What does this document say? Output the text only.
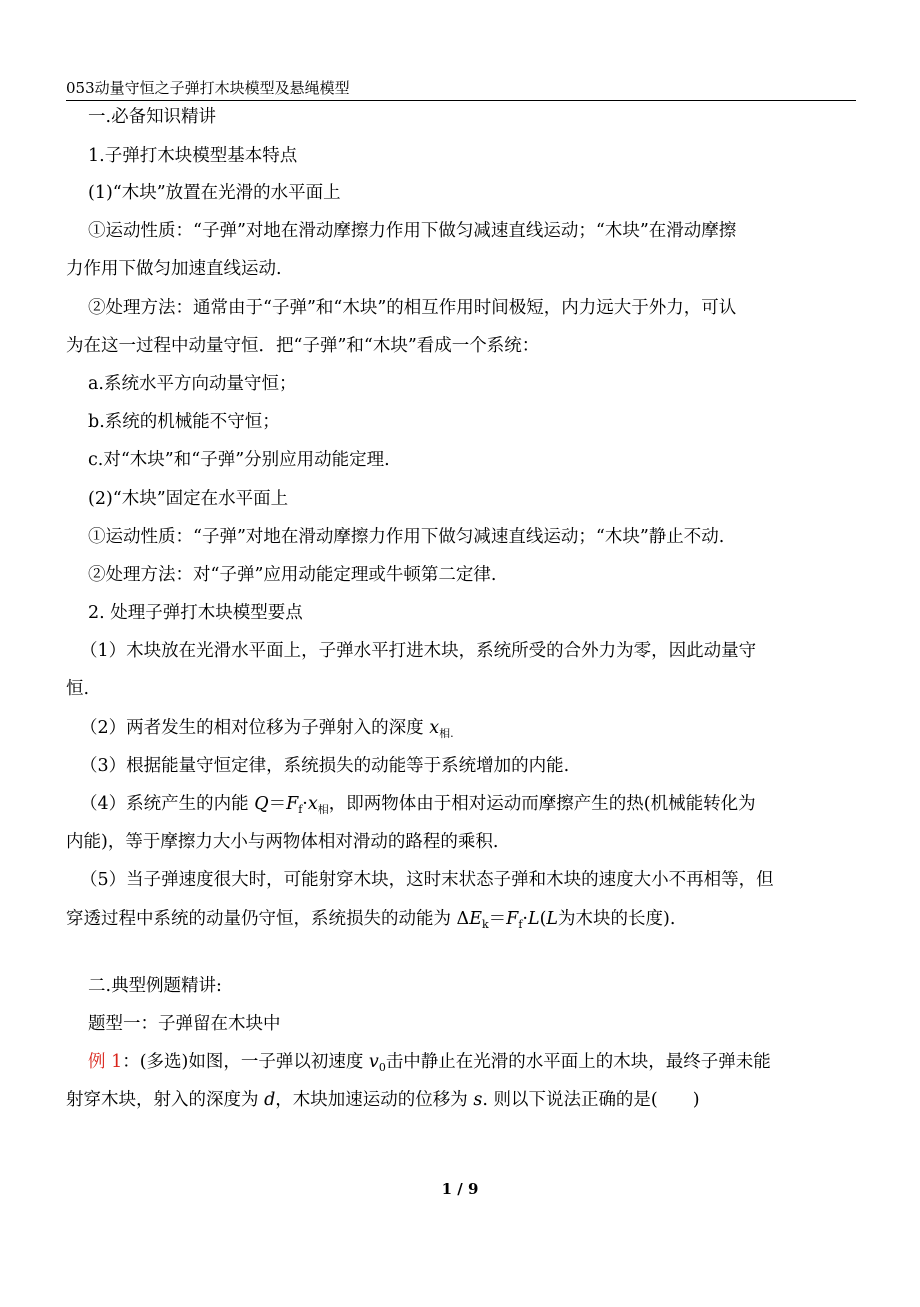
053动量守恒之子弹打木块模型及悬绳模型
一.必备知识精讲
1.子弹打木块模型基本特点
(1)“木块”放置在光滑的水平面上
①运动性质：“子弹”对地在滑动摩擦力作用下做匀减速直线运动；“木块”在滑动摩擦
力作用下做匀加速直线运动.
②处理方法：通常由于“子弹”和“木块”的相互作用时间极短，内力远大于外力，可认
为在这一过程中动量守恒．把“子弹”和“木块”看成一个系统：
a.系统水平方向动量守恒；
b.系统的机械能不守恒；
c.对“木块”和“子弹”分别应用动能定理.
(2)“木块”固定在水平面上
①运动性质：“子弹”对地在滑动摩擦力作用下做匀减速直线运动；“木块”静止不动.
②处理方法：对“子弹”应用动能定理或牛顿第二定律.
2. 处理子弹打木块模型要点
（1）木块放在光滑水平面上，子弹水平打进木块，系统所受的合外力为零，因此动量守
恒.
（2）两者发生的相对位移为子弹射入的深度 $x_{相.}$
（3）根据能量守恒定律，系统损失的动能等于系统增加的内能.
（4）系统产生的内能 $Q=F_f\cdot x_相$，即两物体由于相对运动而摩擦产生的热(机械能转化为
内能)，等于摩擦力大小与两物体相对滑动的路程的乘积.
（5）当子弹速度很大时，可能射穿木块，这时末状态子弹和木块的速度大小不再相等，但
穿透过程中系统的动量仍守恒，系统损失的动能为 $\Delta E_k=F_f\cdot L(L$为木块的长度).
二.典型例题精讲:
题型一：子弹留在木块中
例 1：(多选)如图，一子弹以初速度 $v_0$击中静止在光滑的水平面上的木块，最终子弹未能
射穿木块，射入的深度为 d，木块加速运动的位移为 s. 则以下说法正确的是(　　)
1 / 9
